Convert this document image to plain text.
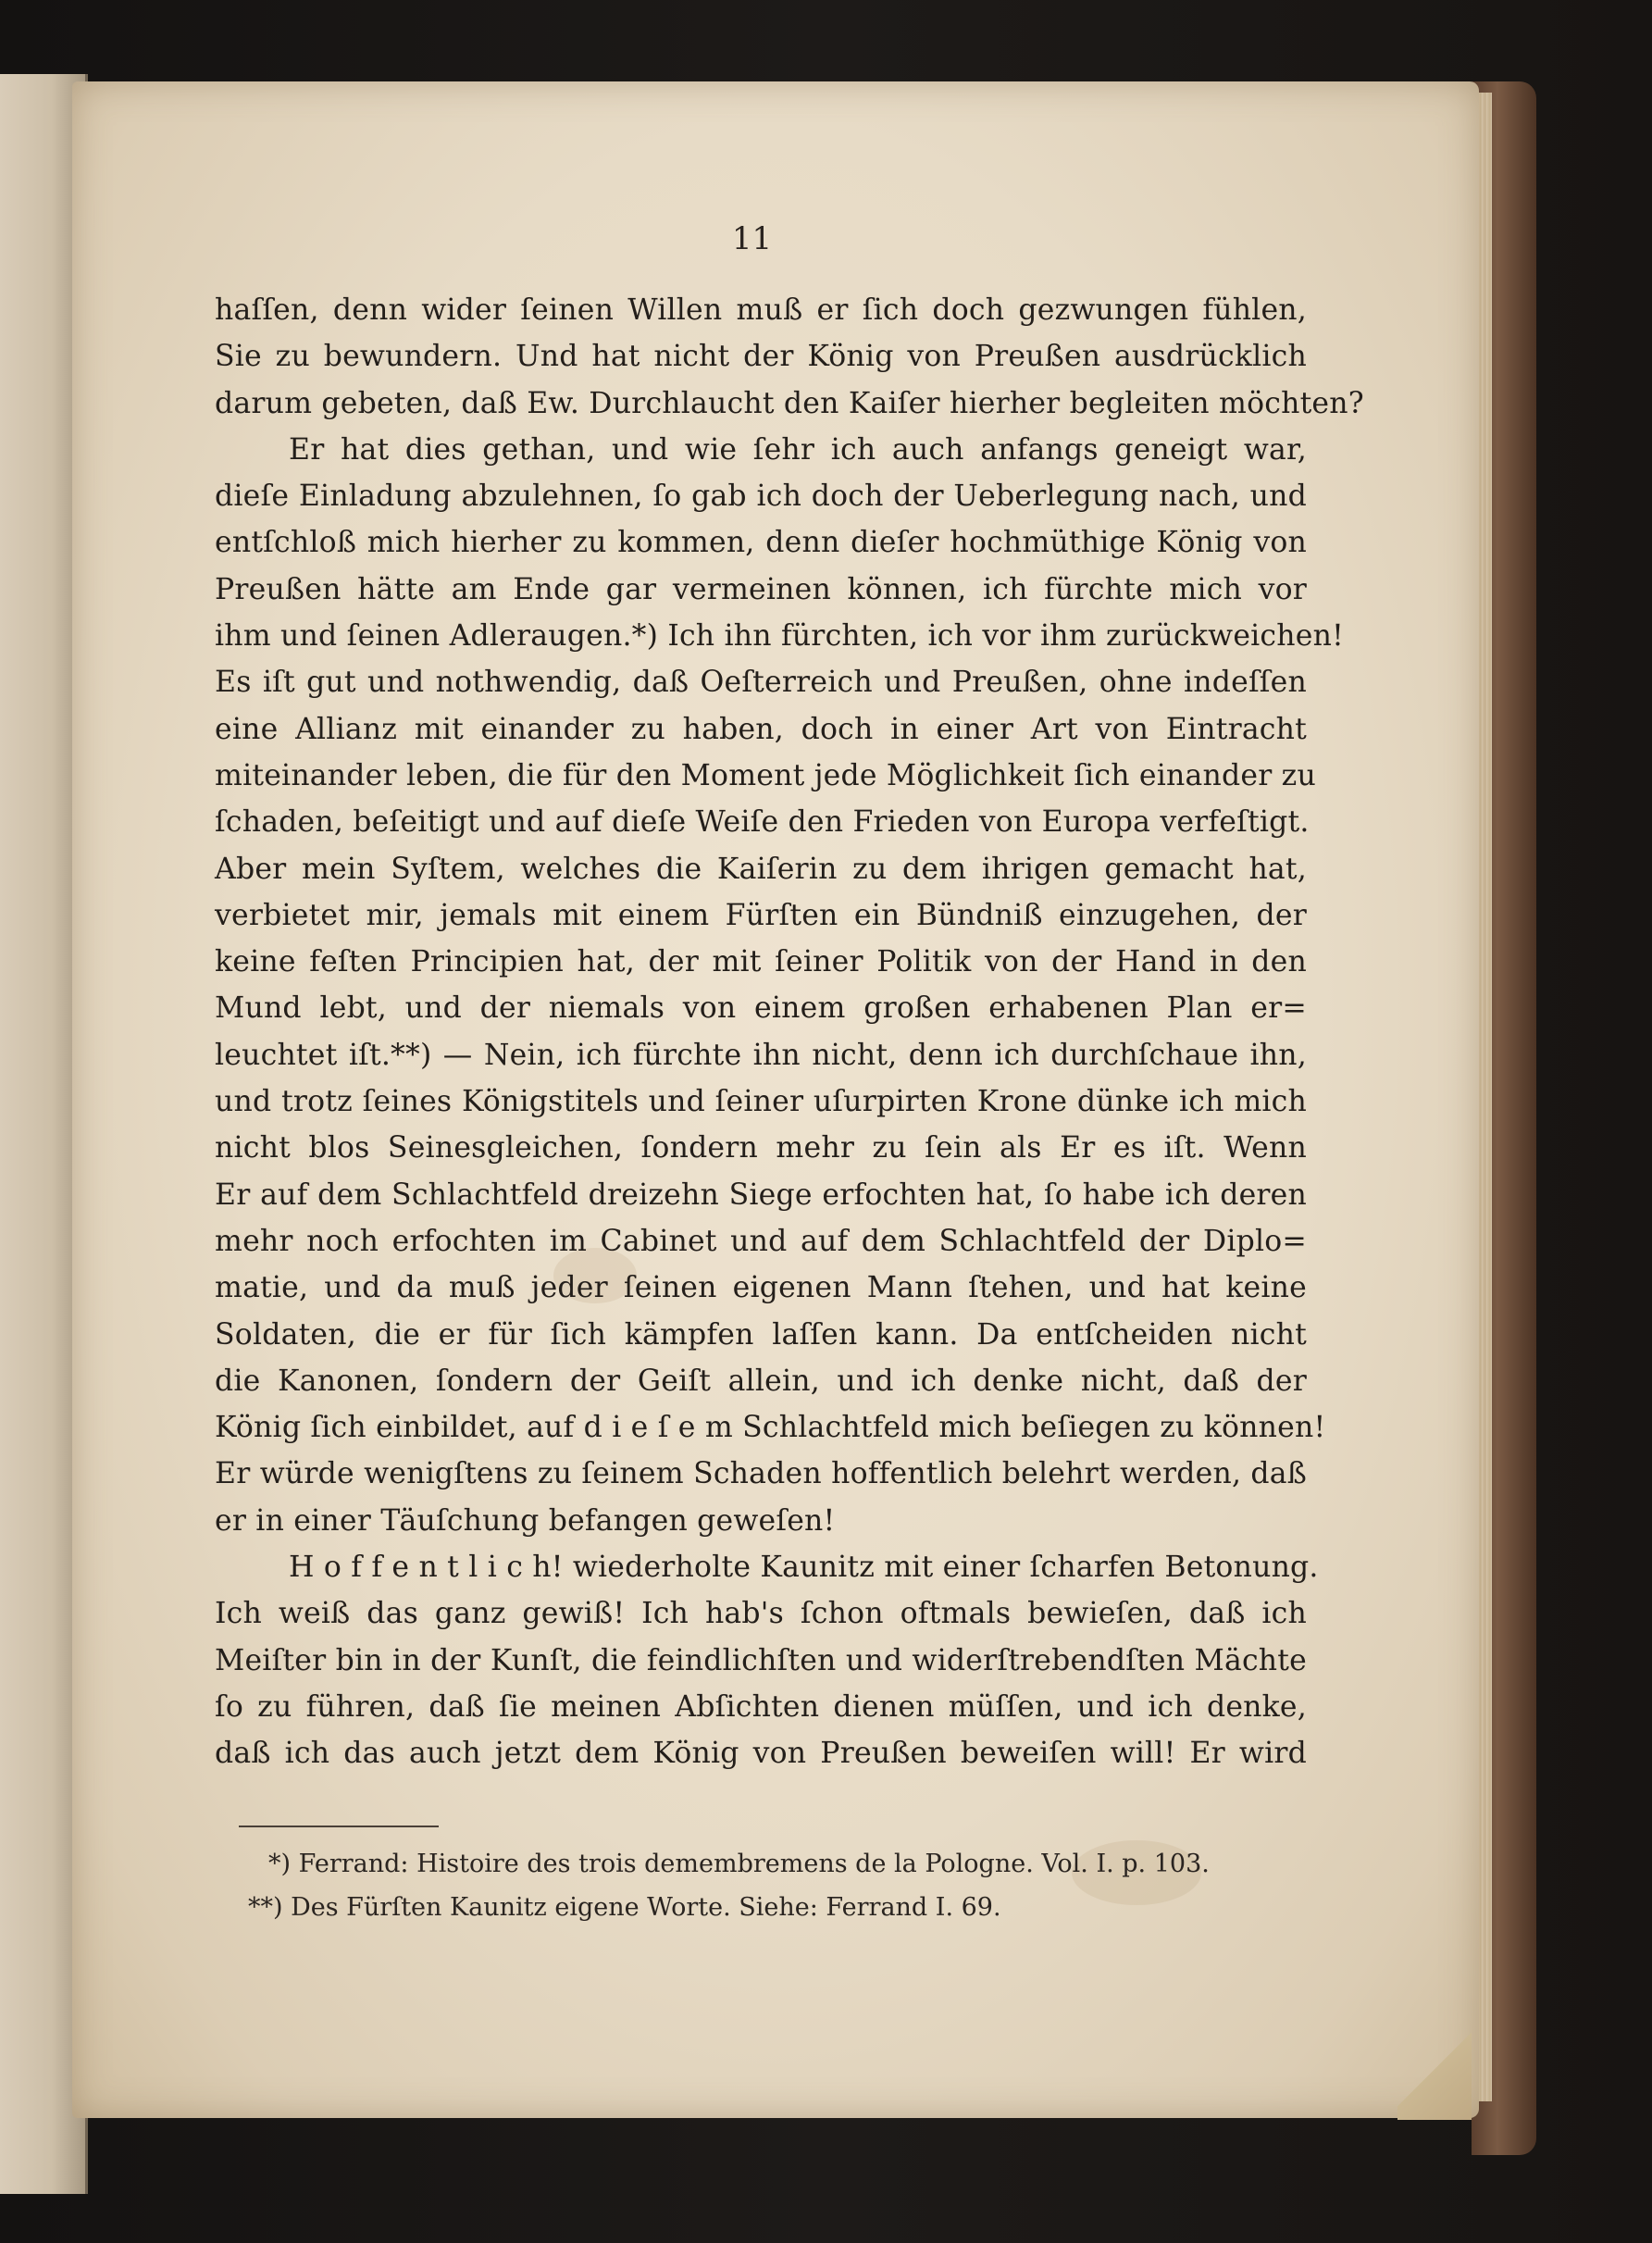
11
haſſen, denn wider ſeinen Willen muß er ſich doch gezwungen fühlen,
Sie zu bewundern. Und hat nicht der König von Preußen ausdrücklich
darum gebeten, daß Ew. Durchlaucht den Kaiſer hierher begleiten möchten?
Er hat dies gethan, und wie ſehr ich auch anfangs geneigt war,
dieſe Einladung abzulehnen, ſo gab ich doch der Ueberlegung nach, und
entſchloß mich hierher zu kommen, denn dieſer hochmüthige König von
Preußen hätte am Ende gar vermeinen können, ich fürchte mich vor
ihm und ſeinen Adleraugen.*) Ich ihn fürchten, ich vor ihm zurückweichen!
Es iſt gut und nothwendig, daß Oeſterreich und Preußen, ohne indeſſen
eine Allianz mit einander zu haben, doch in einer Art von Eintracht
miteinander leben, die für den Moment jede Möglichkeit ſich einander zu
ſchaden, beſeitigt und auf dieſe Weiſe den Frieden von Europa verfeſtigt.
Aber mein Syſtem, welches die Kaiſerin zu dem ihrigen gemacht hat,
verbietet mir, jemals mit einem Fürſten ein Bündniß einzugehen, der
keine feſten Principien hat, der mit ſeiner Politik von der Hand in den
Mund lebt, und der niemals von einem großen erhabenen Plan er=
leuchtet iſt.**) — Nein, ich fürchte ihn nicht, denn ich durchſchaue ihn,
und trotz ſeines Königstitels und ſeiner uſurpirten Krone dünke ich mich
nicht blos Seinesgleichen, ſondern mehr zu ſein als Er es iſt. Wenn
Er auf dem Schlachtfeld dreizehn Siege erfochten hat, ſo habe ich deren
mehr noch erfochten im Cabinet und auf dem Schlachtfeld der Diplo=
matie, und da muß jeder ſeinen eigenen Mann ſtehen, und hat keine
Soldaten, die er für ſich kämpfen laſſen kann. Da entſcheiden nicht
die Kanonen, ſondern der Geiſt allein, und ich denke nicht, daß der
König ſich einbildet, auf d i e ſ e m Schlachtfeld mich beſiegen zu können!
Er würde wenigſtens zu ſeinem Schaden hoffentlich belehrt werden, daß
er in einer Täuſchung befangen geweſen!
H o f f e n t l i c h! wiederholte Kaunitz mit einer ſcharfen Betonung.
Ich weiß das ganz gewiß! Ich hab's ſchon oftmals bewieſen, daß ich
Meiſter bin in der Kunſt, die feindlichſten und widerſtrebendſten Mächte
ſo zu führen, daß ſie meinen Abſichten dienen müſſen, und ich denke,
daß ich das auch jetzt dem König von Preußen beweiſen will! Er wird
*) Ferrand: Histoire des trois demembremens de la Pologne. Vol. I. p. 103.
**) Des Fürſten Kaunitz eigene Worte. Siehe: Ferrand I. 69.
